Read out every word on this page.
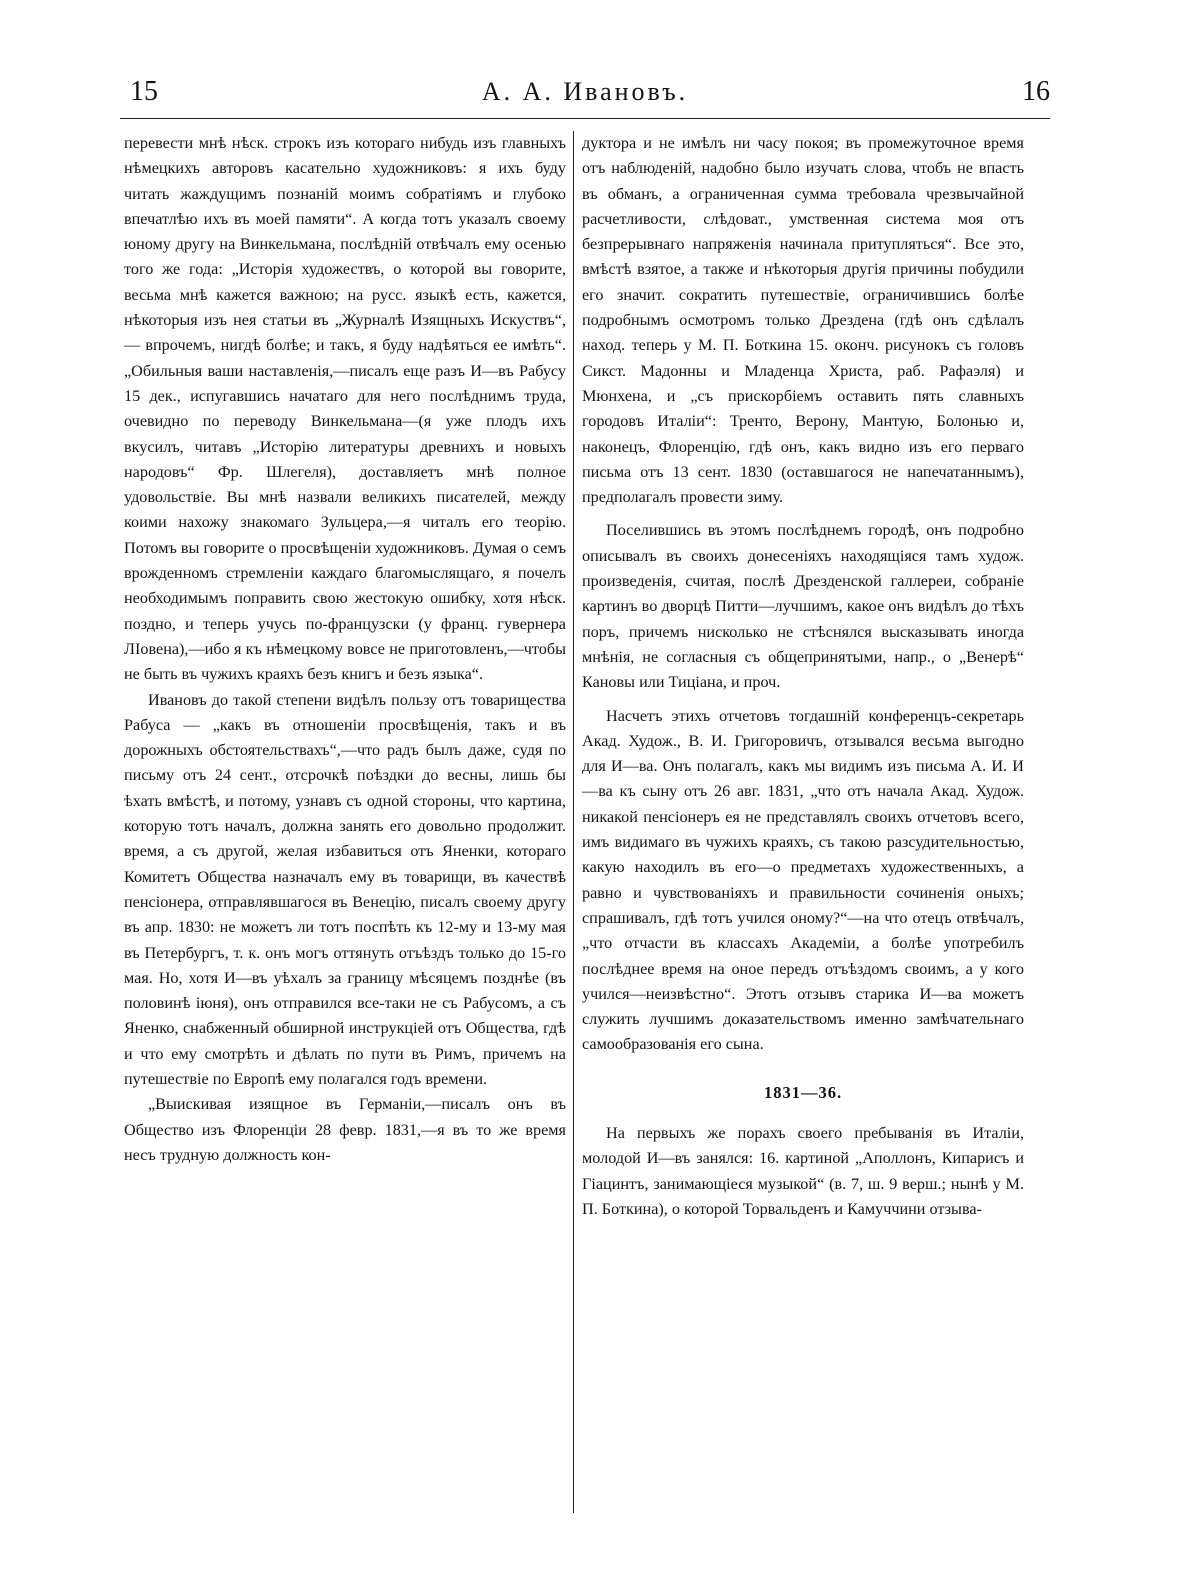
15	А. А. Ивановъ.	16

перевести мнѣ нѣск. строкъ изъ котораго нибудь изъ главныхъ нѣмецкихъ авторовъ касательно художниковъ: я ихъ буду читать жаждущимъ познаній моимъ собратіямъ и глубоко впечатлѣю ихъ въ моей памяти“. А когда тотъ указалъ своему юному другу на Винкельмана, послѣдній отвѣчалъ ему осенью того же года: „Исторія художествъ, о которой вы говорите, весьма мнѣ кажется важною; на русс. языкѣ есть, кажется, нѣкоторыя изъ нея статьи въ „Журналѣ Изящныхъ Искуствъ“, — впрочемъ, нигдѣ болѣе; и такъ, я буду надѣяться ее имѣть“. „Обильныя ваши наставленія,—писалъ еще разъ И—въ Рабусу 15 дек., испугавшись начатаго для него послѣднимъ труда, очевидно по переводу Винкельмана—(я уже плодъ ихъ вкусилъ, читавъ „Исторію литературы древнихъ и новыхъ народовъ“ Фр. Шлегеля), доставляетъ мнѣ полное удовольствіе. Вы мнѣ назвали великихъ писателей, между коими нахожу знакомаго Зульцера,—я читалъ его теорію. Потомъ вы говорите о просвѣщеніи художниковъ. Думая о семъ врожденномъ стремленіи каждаго благомыслящаго, я почелъ необходимымъ поправить свою жестокую ошибку, хотя нѣск. поздно, и теперь учусь по-французски (у франц. гувернера ЛІовена),—ибо я къ нѣмецкому вовсе не приготовленъ,—чтобы не быть въ чужихъ краяхъ безъ книгъ и безъ языка“.

Ивановъ до такой степени видѣлъ пользу отъ товарищества Рабуса — „какъ въ отношеніи просвѣщенія, такъ и въ дорожныхъ обстоятельствахъ“,—что радъ былъ даже, судя по письму отъ 24 сент., отсрочкѣ поѣздки до весны, лишь бы ѣхать вмѣстѣ, и потому, узнавъ съ одной стороны, что картина, которую тотъ началъ, должна занять его довольно продолжит. время, а съ другой, желая избавиться отъ Яненки, котораго Комитетъ Общества назначалъ ему въ товарищи, въ качествѣ пенсіонера, отправлявшагося въ Венецію, писалъ своему другу въ апр. 1830: не можетъ ли тотъ поспѣть къ 12-му и 13-му мая въ Петербургъ, т. к. онъ могъ оттянуть отъѣздъ только до 15-го мая. Но, хотя И—въ уѣхалъ за границу мѣсяцемъ позднѣе (въ половинѣ іюня), онъ отправился все-таки не съ Рабусомъ, а съ Яненко, снабженный обширной инструкціей отъ Общества, гдѣ и что ему смотрѣть и дѣлать по пути въ Римъ, причемъ на путешествіе по Европѣ ему полагался годъ времени.

„Выискивая изящное въ Германіи,—писалъ онъ въ Общество изъ Флоренціи 28 февр. 1831,—я въ то же время несъ трудную должность кон-

дуктора и не имѣлъ ни часу покоя; въ промежуточное время отъ наблюденій, надобно было изучать слова, чтобъ не впасть въ обманъ, а ограниченная сумма требовала чрезвычайной расчетливости, слѣдоват., умственная система моя отъ безпрерывнаго напряженія начинала притупляться“. Все это, вмѣстѣ взятое, а также и нѣкоторыя другія причины побудили его значит. сократить путешествіе, ограничившись болѣе подробнымъ осмотромъ только Дрездена (гдѣ онъ сдѣлалъ наход. теперь у М. П. Боткина 15. оконч. рисунокъ съ головъ Сикст. Мадонны и Младенца Христа, раб. Рафаэля) и Мюнхена, и „съ прискорбіемъ оставить пять славныхъ городовъ Италіи“: Тренто, Верону, Мантую, Болонью и, наконецъ, Флоренцію, гдѣ онъ, какъ видно изъ его перваго письма отъ 13 сент. 1830 (оставшагося не напечатаннымъ), предполагалъ провести зиму.

Поселившись въ этомъ послѣднемъ городѣ, онъ подробно описывалъ въ своихъ донесеніяхъ находящіяся тамъ худож. произведенія, считая, послѣ Дрезденской галлереи, собраніе картинъ во дворцѣ Питти—лучшимъ, какое онъ видѣлъ до тѣхъ поръ, причемъ нисколько не стѣснялся высказывать иногда мнѣнія, не согласныя съ общепринятыми, напр., о „Венерѣ“ Кановы или Тиціана, и проч.

Насчетъ этихъ отчетовъ тогдашній конференцъ-секретарь Акад. Худож., В. И. Григоровичъ, отзывался весьма выгодно для И—ва. Онъ полагалъ, какъ мы видимъ изъ письма А. И. И—ва къ сыну отъ 26 авг. 1831, „что отъ начала Акад. Худож. никакой пенсіонеръ ея не представлялъ своихъ отчетовъ всего, имъ видимаго въ чужихъ краяхъ, съ такою разсудительностью, какую находилъ въ его—о предметахъ художественныхъ, а равно и чувствованіяхъ и правильности сочиненія оныхъ; спрашивалъ, гдѣ тотъ учился оному?“—на что отецъ отвѣчалъ, „что отчасти въ классахъ Академіи, а болѣе употребилъ послѣднее время на оное передъ отъѣздомъ своимъ, а у кого учился—неизвѣстно“. Этотъ отзывъ старика И—ва можетъ служить лучшимъ доказательствомъ именно замѣчательнаго самообразованія его сына.

1831—36.

На первыхъ же порахъ своего пребыванія въ Италіи, молодой И—въ занялся: 16. картиной „Аполлонъ, Кипарисъ и Гіацинтъ, занимающіеся музыкой“ (в. 7, ш. 9 верш.; нынѣ у М. П. Боткина), о которой Торвальденъ и Камуччини отзыва-
